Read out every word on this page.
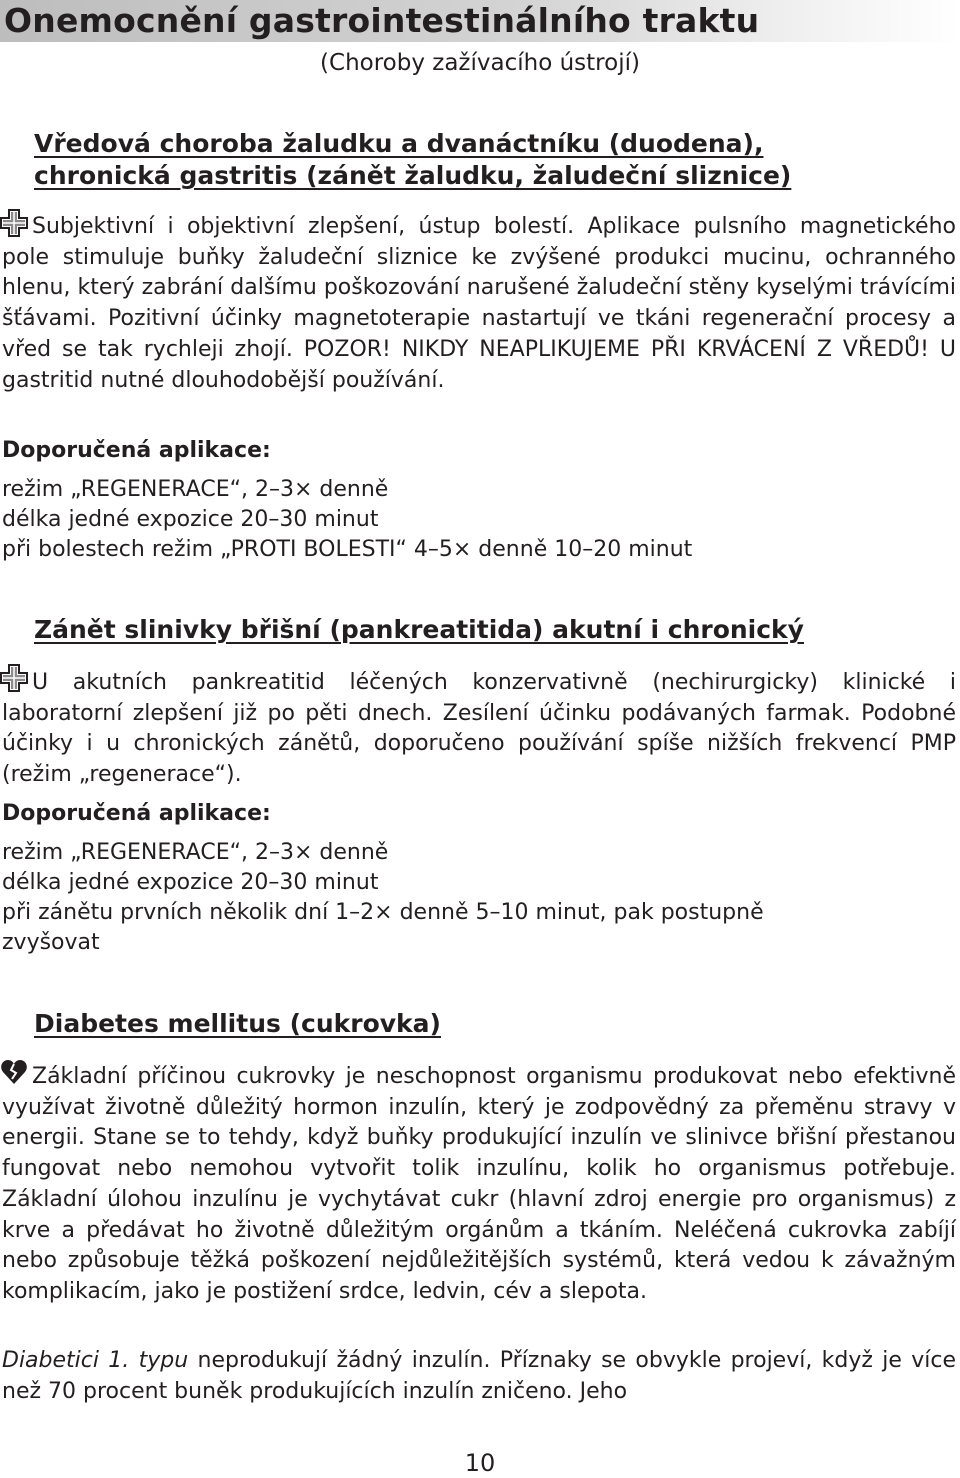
Onemocnění gastrointestinálního traktu
(Choroby zažívacího ústrojí)
Vředová choroba žaludku a dvanáctníku (duodena),
chronická gastritis (zánět žaludku, žaludeční sliznice)
Subjektivní i objektivní zlepšení, ústup bolestí. Aplikace pulsního magnetického pole stimuluje buňky žaludeční sliznice ke zvýšené produkci mucinu, ochranného hlenu, který zabrání dalšímu poškozování narušené žaludeční stěny kyselými trávícími šťávami. Pozitivní účinky magnetoterapie nastartují ve tkáni regenerační procesy a vřed se tak rychleji zhojí. POZOR! NIKDY NEAPLIKUJEME PŘI KRVÁCENÍ Z VŘEDŮ! U gastritid nutné dlouhodobější používání.
Doporučená aplikace:
režim „REGENERACE“, 2–3× denně
délka jedné expozice 20–30 minut
při bolestech režim „PROTI BOLESTI“ 4–5× denně 10–20 minut
Zánět slinivky břišní (pankreatitida) akutní i chronický
U akutních pankreatitid léčených konzervativně (nechirurgicky) klinické i laboratorní zlepšení již po pěti dnech. Zesílení účinku podávaných farmak. Podobné účinky i u chronických zánětů, doporučeno používání spíše nižších frekvencí PMP (režim „regenerace“).
Doporučená aplikace:
režim „REGENERACE“, 2–3× denně
délka jedné expozice 20–30 minut
při zánětu prvních několik dní 1–2× denně 5–10 minut, pak postupně
zvyšovat
Diabetes mellitus (cukrovka)
Základní příčinou cukrovky je neschopnost organismu produkovat nebo efektivně využívat životně důležitý hormon inzulín, který je zodpovědný za přeměnu stravy v energii. Stane se to tehdy, když buňky produkující inzulín ve slinivce břišní přestanou fungovat nebo nemohou vytvořit tolik inzulínu, kolik ho organismus potřebuje. Základní úlohou inzulínu je vychytávat cukr (hlavní zdroj energie pro organismus) z krve a předávat ho životně důležitým orgánům a tkáním. Neléčená cukrovka zabíjí nebo způsobuje těžká poškození nejdůležitějších systémů, která vedou k závažným komplikacím, jako je postižení srdce, ledvin, cév a slepota.
Diabetici 1. typu neprodukují žádný inzulín. Příznaky se obvykle projeví, když je více než 70 procent buněk produkujících inzulín zničeno. Jeho
10
